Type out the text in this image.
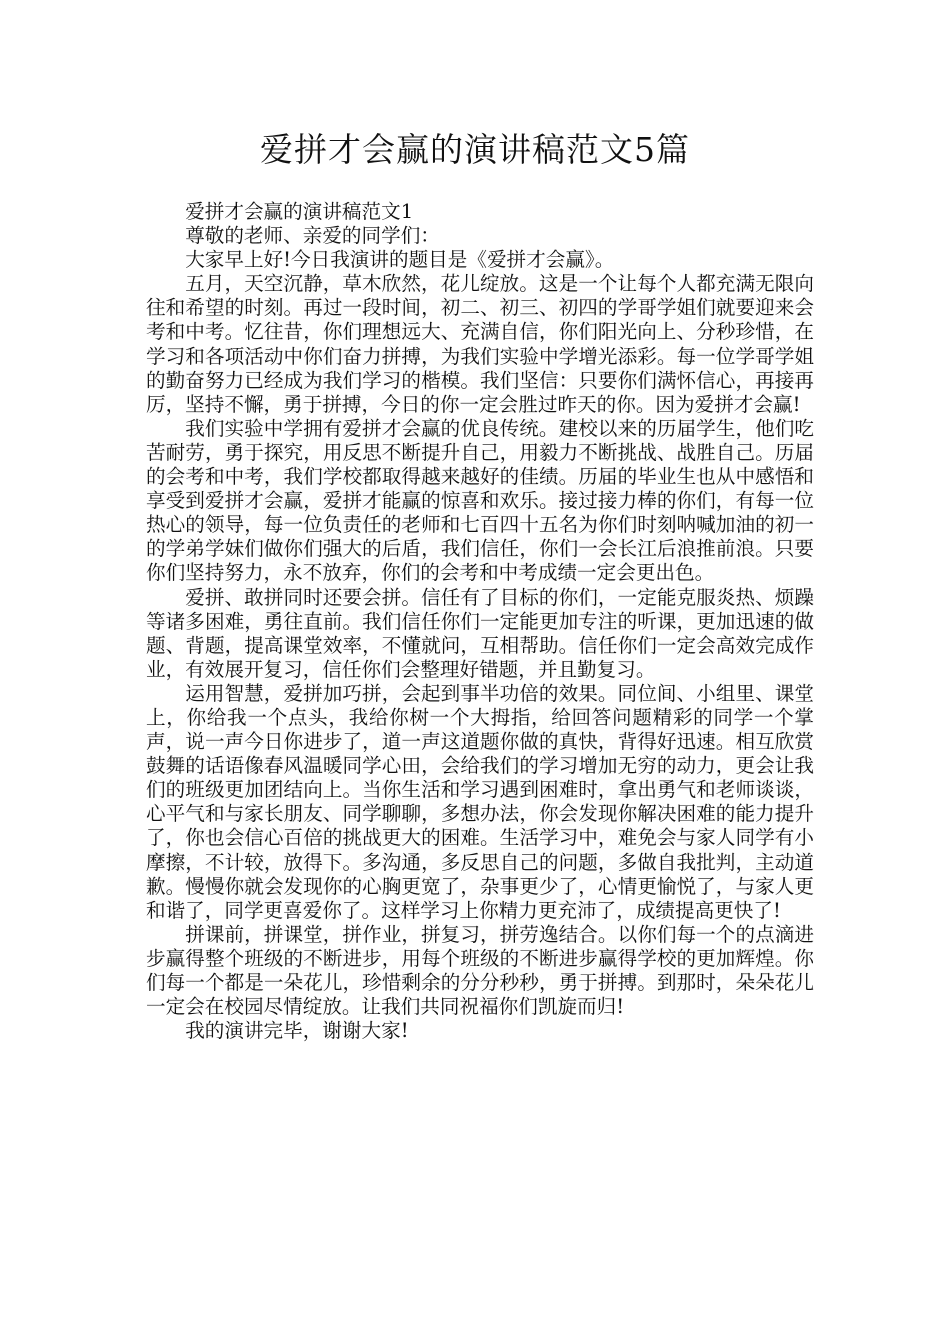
爱拼才会赢的演讲稿范文5篇

爱拼才会赢的演讲稿范文1

尊敬的老师、亲爱的同学们：

大家早上好!今日我演讲的题目是《爱拼才会赢》。

五月，天空沉静，草木欣然，花儿绽放。这是一个让每个人都充满无限向往和希望的时刻。再过一段时间，初二、初三、初四的学哥学姐们就要迎来会考和中考。忆往昔，你们理想远大、充满自信，你们阳光向上、分秒珍惜，在学习和各项活动中你们奋力拼搏，为我们实验中学增光添彩。每一位学哥学姐的勤奋努力已经成为我们学习的楷模。我们坚信：只要你们满怀信心，再接再厉，坚持不懈，勇于拼搏，今日的你一定会胜过昨天的你。因为爱拼才会赢!

我们实验中学拥有爱拼才会赢的优良传统。建校以来的历届学生，他们吃苦耐劳，勇于探究，用反思不断提升自己，用毅力不断挑战、战胜自己。历届的会考和中考，我们学校都取得越来越好的佳绩。历届的毕业生也从中感悟和享受到爱拼才会赢，爱拼才能赢的惊喜和欢乐。接过接力棒的你们，有每一位热心的领导，每一位负责任的老师和七百四十五名为你们时刻呐喊加油的初一的学弟学妹们做你们强大的后盾，我们信任，你们一会长江后浪推前浪。只要你们坚持努力，永不放弃，你们的会考和中考成绩一定会更出色。

爱拼、敢拼同时还要会拼。信任有了目标的你们，一定能克服炎热、烦躁等诸多困难，勇往直前。我们信任你们一定能更加专注的听课，更加迅速的做题、背题，提高课堂效率，不懂就问，互相帮助。信任你们一定会高效完成作业，有效展开复习，信任你们会整理好错题，并且勤复习。

运用智慧，爱拼加巧拼，会起到事半功倍的效果。同位间、小组里、课堂上，你给我一个点头，我给你树一个大拇指，给回答问题精彩的同学一个掌声，说一声今日你进步了，道一声这道题你做的真快，背得好迅速。相互欣赏鼓舞的话语像春风温暖同学心田，会给我们的学习增加无穷的动力，更会让我们的班级更加团结向上。当你生活和学习遇到困难时，拿出勇气和老师谈谈，心平气和与家长朋友、同学聊聊，多想办法，你会发现你解决困难的能力提升了，你也会信心百倍的挑战更大的困难。生活学习中，难免会与家人同学有小摩擦，不计较，放得下。多沟通，多反思自己的问题，多做自我批判，主动道歉。慢慢你就会发现你的心胸更宽了，杂事更少了，心情更愉悦了，与家人更和谐了，同学更喜爱你了。这样学习上你精力更充沛了，成绩提高更快了!

拼课前，拼课堂，拼作业，拼复习，拼劳逸结合。以你们每一个的点滴进步赢得整个班级的不断进步，用每个班级的不断进步赢得学校的更加辉煌。你们每一个都是一朵花儿，珍惜剩余的分分秒秒，勇于拼搏。到那时，朵朵花儿一定会在校园尽情绽放。让我们共同祝福你们凯旋而归!

我的演讲完毕，谢谢大家!
